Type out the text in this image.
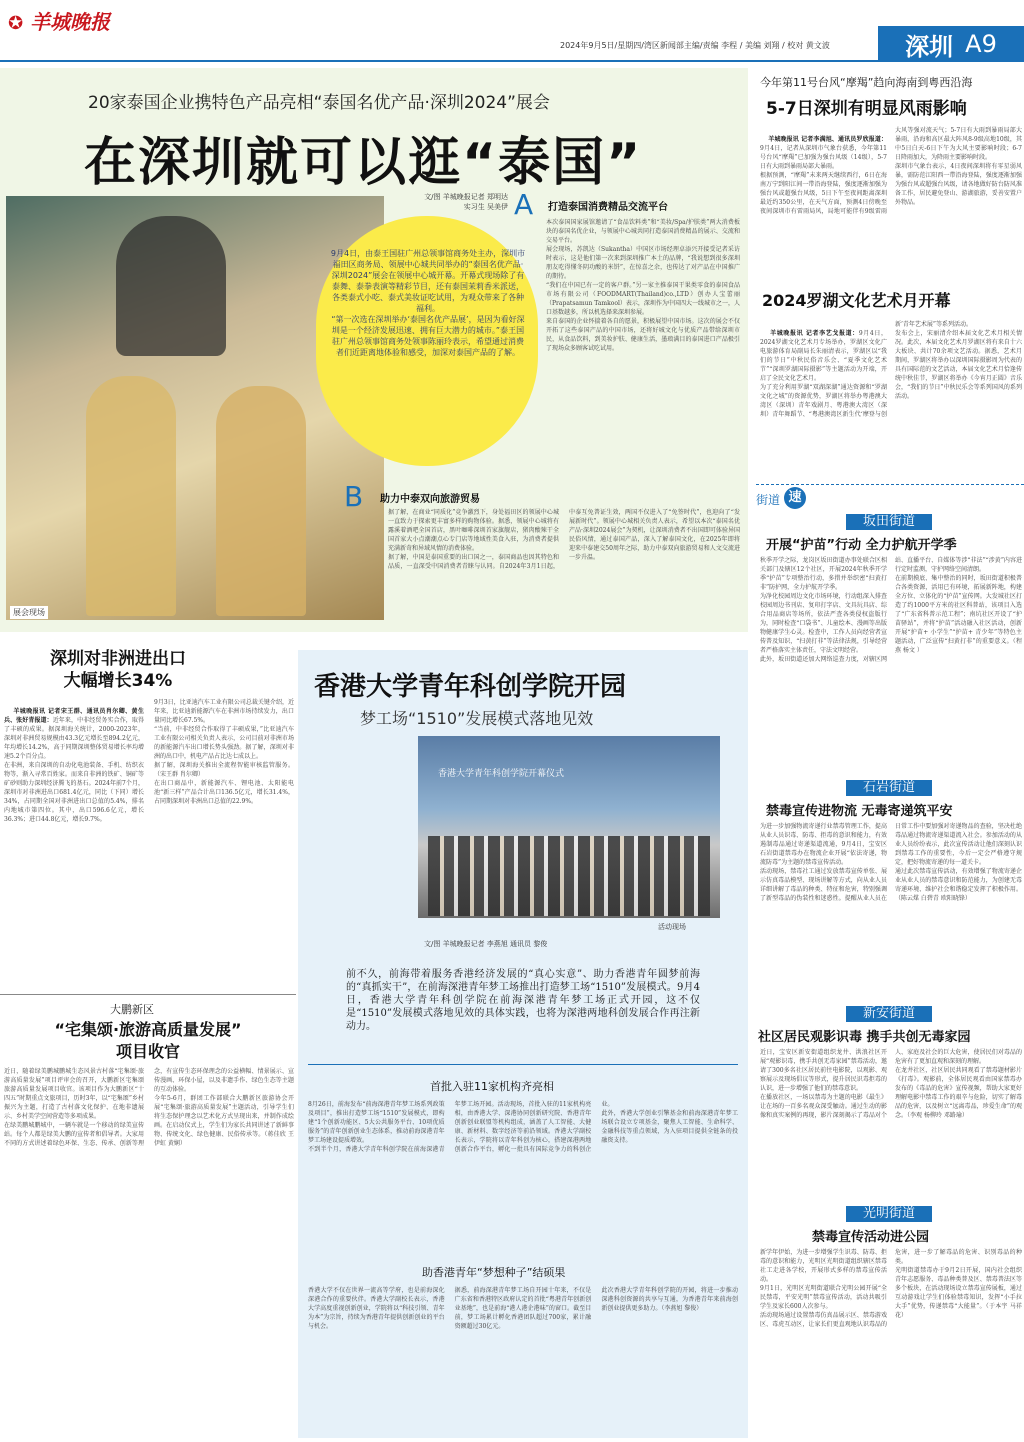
✪ 羊城晚报
2024年9月5日/星期四/湾区新闻部主编/责编 李程 / 美编 刘翔 / 校对 黄文波	深圳 A9
20家泰国企业携特色产品亮相“泰国名优产品·深圳2024”展会
在深圳就可以逛“泰国”
展会现场
文/图 羊城晚报记者 郑明达
实习生 吴美伊
9月4日，由泰王国驻广州总领事馆商务处主办，深圳市福田区商务局、领展中心城共同举办的“泰国名优产品·深圳2024”展会在领展中心城开幕。开幕式现场除了有泰舞、泰拳表演等精彩节目，还有泰国茉莉香米派送，各类泰式小吃、泰式美妆证吃试用，为观众带来了各种福利。
“第一次选在深圳举办‘泰国名优产品展’，是因为看好深圳是一个经济发展迅速、拥有巨大潜力的城市。”泰王国驻广州总领事馆商务处领事陈丽玲表示，希望通过消费者们近距离地体验和感受，加深对泰国产品的了解。
A 打造泰国消费精品交流平台
本次泰国国家展馆邀请了“食品饮料类”和“美妆/Spa/护肤类”两大消费板块的泰国名优企业，与领展中心城共同打造泰国消费精品的展示、交流和交易平台。
展会现场，苏凯达（Sukantha）中国区市场经理卓添兴开接受记者采访时表示，这是他们第一次来到深圳推广本土的品牌，“我说想到很多深圳朋友吃得懂冬阴功酸的米饼”，在惊喜之余，也传达了对产品在中国推广的期待。
“我们在中国已有一定的客户群。”另一家主推泰国干果类零食的泰国食品市场有限公司（FOODMART(Thailand)co.,LTD）创办人宝蕾丽（Prapatsamun Tamkool）表示，深圳作为中国四大一线城市之一，人口基数越多，所以机选择来深圳参展。
来自泰国的企业怀揣着各自的愿景，积极展望中国市场。这次的展会不仅开拓了这些泰国产品的中国市场，还将好城文化与优质产品带给深圳市民，从食品饮料，到美妆护肤、健康生活，墨琅满目的泰国进口产品极引了现场众多顾客试吃试用。
B 助力中泰双向旅游贸易
据了解，在商业“同质化”竞争激烈下，身处福田区的领展中心城一直致力于探索更丰富多样的购物体验。据悉，领展中心城将有露溪着酒吧全国首店，黑叶咖啡深圳首家旗舰店，猪肉酸辣干全国首家大小点潮潮点心专门店等地域性美食入驻，为消费者提供充满新奇和异域风情的消费体验。
据了解，中国是泰国重要的出口国之一，泰国商品也因其特色和品质，一直深受中国消费者青睐与认同。自2024年3月1日起，中泰互免普证生效，两国不仅进入了“免签时代”，也迎向了“发展新时代”。领展中心城相关负责人表示，希望以本次“泰国名优产品·深圳2024展会”为契机，让深圳消费者不出国即可体验异国民俗风情，通过泰国产品，深入了解泰国文化，在2025年即将迎来中泰建交50周年之际，助力中泰双向旅游贸易和人文交流进一步升温。
今年第11号台风“摩羯”趋向海南到粤西沿海
5-7日深圳有明显风雨影响

羊城晚报讯 记者李满旭、通讯员罗欣报道：9月4日，记者从深圳市气象台获悉，今年第11号台风“摩羯”已加强为强台风级（14级），5-7日有大雨到暴雨局部大暴雨。
根据预测，“摩羯”未来两天继续西行，6日在海南万宁到阳江间一带沿海登陆，强度逐渐加强为强台风或超强台风级，5日下午至夜间距离深圳最近约350公里，在天气方面，预测4日傍晚至夜间深圳市有雷雨局风，局地可能伴有9级雷雨大风等强对流天气；5-7日有大雨到暴雨局部大暴雨，沿海和高区最大阵风8-9级高地10级，其中5日白天-6日下午为大风主要影响时段；6-7日降雨加大，为降雨主要影响时段。
深圳市气象台表示，4日夜间深圳将有零星弱风暴，需防范江阳西一带沿海登陆，强度逐渐加强为强台风或超强台风级，请各地做好防台防风准备工作，居民避免登山、游湖旅游，妥善安置户外物品。

2024罗湖文化艺术月开幕

羊城晚报讯 记者李艺戈报道：9月4日，2024罗湖文化艺术月专场举办，罗湖区文化广电旅游体育局副局长朱丽清表示，罗湖区以“我们的节日”中秋民俗音乐会、“夏季文化艺术节”“深圳罗湖国际摄影”等主题活动为开端，开启了全民文化艺术月。
为了充分利用罗湖“双湖深湖”通达资源和“罗湖文化之城”的资源优势，罗湖区将举办粤港澳大湾区（深圳）青年戏剧月、粤港澳大湾区（深圳）青年舞蹈节、“粤港澳湾区新生代‘摩登与创新’青年艺术展”等系列活动。
发布会上，宋丽清介绍本届文化艺术月相关情况。此次，本届文化艺术月罗湖区将有来自十六大板块、共计70余项文艺活动。据悉，艺术月期间，罗湖区将举办以深圳国际摄影周为代表的具有国际范的文艺活动，本届文化艺术月恰逢传统中秋佳节，罗湖区将举办《今宵月正圆》音乐会，“我们的节日”中秋民乐会等系列国风的系列活动。

街道 速递	坂田街道
开展“护苗”行动 全力护航开学季
秋季开学之际，龙岗区坂田街道办事处联合区相关部门及辖区12个社区，开展2024年秋季开学季“护苗”专项整治行动，多措并举织密“扫黄打非”防护网，全力护航开学季。
为净化校园周边文化市场环境，行动组深入排查校园周边书刊店、复印打字店、文具玩具店、综合用品商店等场所，依法严查各类侵权盗版行为，同时检查“口袋书”、儿童绘本、漫画等出版物健康学生心灵。检查中，工作人员向经营者宣传普及知识，“扫黄打非”等法律法规，引导经营者严格落实主体责任，守法文明经营。
此外，坂田街道还加大网络巡查力度，对辖区网站、直播平台、自媒体等涉“非法”“涉黄”内容进行定时监测，守护网络空间清朗。
在前期摸底、集中整治的同时，坂田街道积极普合各类资源，活用已有环境，拓展新阵地，构建全方位、立体化的“护苗”宣传网。大发城社区打造了约1000平方米的社区科普站，该项目入选了“广东省科普示范工程”；南坑社区开设了“护苗驿站”，并将“护苗”活动融入社区活动，创新开展“护苗+ 小学生”“护苗+ 青少年”等特色主题活动，广泛宣传“扫黄打非”的重要意义。（程 燕 杨文 ）
石岩街道
禁毒宣传进物流 无毒寄递筑平安
为进一步加强物流寄递行业禁毒管理工作，提高从业人员识毒、防毒、拒毒的意识和能力，有效遏制毒品通过寄递渠道流通，9月4日，宝安区石岩街道禁毒办在物流企业开展“依法寄递，物流防毒”为主题的禁毒宣传活动。
活动现场，禁毒社工通过发放禁毒宣传单张、展示仿真毒品模型、现场讲解等方式，向从业人员详细讲解了毒品的种类、特征和危害，特别强调了新型毒品的伪装性和迷惑性。提醒从业人员在日常工作中要加强对寄递物品的查验，坚决杜绝毒品通过物流寄递渠道流入社会。参加活动的从业人员纷纷表示，此次宣传活动让他们深刻认识到禁毒工作的重要性，今后一定会严格遵守规定，把好物流寄递的每一道关卡。
通过此次禁毒宣传活动，有效增强了物流寄递企业从业人员的禁毒意识和防范能力，为创建无毒寄递环境、维护社会和谐稳定发挥了积极作用。（陈云煤 白碧青 欧阳晓锋）
新安街道
社区居民观影识毒 携手共创无毒家园
近日，宝安区新安街道组织龙井、洪浪社区开展“观影识毒，携手共创无毒家园”禁毒活动，邀请了300多名社区居民前往电影院，以观影、观察展示及现场倡议等形式，提升居民识毒拒毒的认识，进一步增强了他们的禁毒意识。
在播放社区，一场以禁毒为主题的电影《最生》让在场的一百多名观众深受触动。通过生动的影像和真实案例的再现，影片深刻揭示了毒品对个人、家庭及社会的巨大危害，使居民们对毒品的危害有了更加直观和深刻的理解。
在龙井社区，社区居民共同观看了禁毒题材影片《打毒》。观影前，全体居民观看由国家禁毒办发布的《毒品的危害》宣传视频，帮助大家更好理解电影中禁毒工作的艰辛与危险，切实了解毒品的危害，以及树立“远离毒品，珍爱生命”的观念。（李观 杨柳玲 邓路瑜）
光明街道
禁毒宣传活动进公园
新学年伊始，为进一步增强学生识毒、防毒、拒毒的意识和能力，光明区光明街道组织辖区禁毒社工走进各学校，开展形式多样的禁毒宣传活动。
9月1日，光明区光明街道联合光明公园开展“全民禁毒，平安光明”禁毒宣传活动，活动共吸引学生及家长600人次参与。
活动现场通过设置禁毒仿真品展示区、禁毒游戏区、毒虎互动区，让家长们更直观地认识毒品的危害，进一步了解毒品的危害、识别毒品的种类。
光明街道禁毒办于9月2日开展，国内社会组织青年志愿服务、毒品种类普及区、禁毒普法区等多个板块，在活动现场设立禁毒宣传展板，通过互动游戏让学生们体验禁毒知识，发挥“小手拉大手”优势，传递禁毒“大能量”。（于本宇 马祥花）
深圳对非洲进出口
大幅增长34%

羊城晚报讯 记者宋王群、通讯员肖尔卿、黄生兵、张好青报道：近年来，中非经贸务实合作，取得了丰硕的成果。据深圳海关统计，2000-2023年，深圳对非洲贸易规模由43.3亿元增长至894.2亿元，年均增长14.2%，高于同期深圳整体贸易增长率均增速5.2个百分点。
在非洲，来自深圳的自动化电池装备、手机、纺织衣物等，渐入寻常百姓家。而来自非洲的铁矿、铜矿等矿砂则助力深圳经济腾飞的基石。2024年前7个月，深圳市对非洲进出口681.4亿元，同比（下同）增长34%，占同期全国对非洲进出口总值的5.4%，排名内地城市第四位。其中，出口596.6亿元，增长36.3%；进口44.8亿元，增长9.7%。
9月3日，比亚迪汽车工业有限公司总裁关键介绍，近年来，比亚迪新能源汽车在非洲市场持续发力，出口量同比增长67.5%。
“当前，中非经贸合作取得了丰硕成果，”比亚迪汽车工业有限公司相关负责人表示，公司目前对非洲市场的新能源汽车出口增长势头强劲。据了解，深圳对非洲的出口中，机电产品占比达七成以上。
据了解，深圳海关推出全流程智能审核监管服务。（宋王群 肖尔卿）
在出口商品中，新能源汽车、锂电池、太阳能电池“新三样”产品合计出口136.5亿元，增长31.4%，占同期深圳对非洲出口总值的22.9%。

大鹏新区
“宅集颂·旅游高质量发展”
项目收官
近日，随着绿美鹏城鹏城生态风景古村落“宅集颂·旅游高质量发展”项目评审会的召开，大鹏新区宅集颂旅游高质量发展项目收官。该项目作为大鹏新区“十四五”时期重点文旅项目，历时3年，以“宅集颂”乡村振兴为主题，打造了古村落文化保护、在地非遗展示、乡村美学空间营造等多项成果。
在绿美鹏城鹏城中，一辆车就是一个移动的绿美宣传站。每个人都是绿美大鹏的宣传者和倡导者。大家用不同的方式讲述着绿色环保、生态、传承、创新等理念，有宣传生态环保理念的公益横幅、情景展示、宣传漫画、环保小屋，以及非遗手作、绿色生态等主题的互动体验。
今年5-6月，群团工作部联合大鹏新区旅游协会开展“宅集颂·旅游高质量发展”主题活动，引导学生们将生态保护理念以艺术化方式呈现出来，并制作成绘画。在启动仪式上，学生们为家长共同讲述了新鲜事物、传统文化、绿色健康、民俗传承等。（蒋佳欣 王伊虹 黄娴）
香港大学青年科创学院开园
梦工场“1510”发展模式落地见效
香港大学青年科创学院开幕仪式
活动现场
文/图 羊城晚报记者 李燕旭 通讯员 黎俊
前不久，前海带着服务香港经济发展的“真心实意”、助力香港青年圆梦前海的“真抓实干”，在前海深港青年梦工场推出打造梦工场“1510”发展模式。9月4日，香港大学青年科创学院在前海深港青年梦工场正式开园，这不仅是“1510”发展模式落地见效的具体实践，也将为深港两地科创发展合作再注新动力。
首批入驻11家机构齐亮相
8月26日，前海发布“前海深港青年梦工场系列政策及项目”，推出打造梦工场“1510”发展模式，即构建“1个创新功能区、5大公共服务平台、10项优质服务”的青年创新创业生态体系，推动前海深港青年梦工场建设提质增效。
不到半个月，香港大学青年科创学院在前海深港青年梦工场开园。活动现场，首批入驻的11家机构亮相，由香港大学、深港协同创新研究院、香港青年创新创业联盟等机构组成，涵盖了人工智能、大健康、新材料、数字经济等前沿领域。香港大学副校长表示，学院将以青年科创为核心，搭建深港两地创新合作平台，孵化一批具有国际竞争力的科创企业。
此外，香港大学创业引擎基金和前海深港青年梦工场联合设立专项基金，聚焦人工智能、生命科学、金融科技等重点领域，为入驻项目提供全链条的投融资支持。
助香港青年“梦想种子”结硕果
香港大学不仅在世界一流高等学府，也是前海深化深港合作的重要伙伴。香港大学副校长表示，香港大学高度重视创新创业，学院将以“科技引领、青年为本”为宗旨，持续为香港青年提供创新创业的平台与机会。
据悉，前海深港青年梦工场自开园十年来，不仅是广东省和香港特区政府认定的首批“粤港青年创新创业基地”，也是前海“港人港企港味”的窗口。截至目前，梦工场累计孵化香港团队超过700家，累计融资额超过30亿元。
此次香港大学青年科创学院的开园，将进一步推动深港科创资源的共享与互通，为香港青年来前海创新创业提供更多助力。（李燕旭 黎俊）
